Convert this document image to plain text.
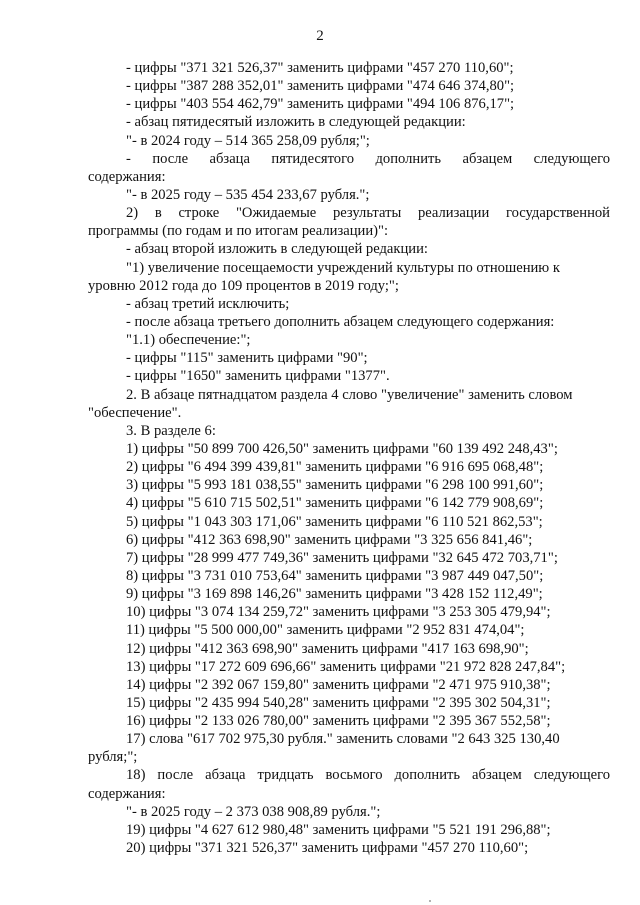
2
- цифры "371 321 526,37" заменить цифрами "457 270 110,60";
- цифры "387 288 352,01" заменить цифрами "474 646 374,80";
- цифры "403 554 462,79" заменить цифрами "494 106 876,17";
- абзац пятидесятый изложить в следующей редакции:
"- в 2024 году – 514 365 258,09 рубля;";
- после абзаца пятидесятого дополнить абзацем следующего
содержания:
"- в 2025 году – 535 454 233,67 рубля.";
2) в строке "Ожидаемые результаты реализации государственной
программы (по годам и по итогам реализации)":
- абзац второй изложить в следующей редакции:
"1) увеличение посещаемости учреждений культуры по отношению к
уровню 2012 года до 109 процентов в 2019 году;";
- абзац третий исключить;
- после абзаца третьего дополнить абзацем следующего содержания:
"1.1) обеспечение:";
- цифры "115" заменить цифрами "90";
- цифры "1650" заменить цифрами "1377".
2. В абзаце пятнадцатом раздела 4 слово "увеличение" заменить словом
"обеспечение".
3. В разделе 6:
1) цифры "50 899 700 426,50" заменить цифрами "60 139 492 248,43";
2) цифры "6 494 399 439,81" заменить цифрами "6 916 695 068,48";
3) цифры "5 993 181 038,55" заменить цифрами "6 298 100 991,60";
4) цифры "5 610 715 502,51" заменить цифрами "6 142 779 908,69";
5) цифры "1 043 303 171,06" заменить цифрами "6 110 521 862,53";
6) цифры "412 363 698,90" заменить цифрами "3 325 656 841,46";
7) цифры "28 999 477 749,36" заменить цифрами "32 645 472 703,71";
8) цифры "3 731 010 753,64" заменить цифрами "3 987 449 047,50";
9) цифры "3 169 898 146,26" заменить цифрами "3 428 152 112,49";
10) цифры "3 074 134 259,72" заменить цифрами "3 253 305 479,94";
11) цифры "5 500 000,00" заменить цифрами "2 952 831 474,04";
12) цифры "412 363 698,90" заменить цифрами "417 163 698,90";
13) цифры "17 272 609 696,66" заменить цифрами "21 972 828 247,84";
14) цифры "2 392 067 159,80" заменить цифрами "2 471 975 910,38";
15) цифры "2 435 994 540,28" заменить цифрами "2 395 302 504,31";
16) цифры "2 133 026 780,00" заменить цифрами "2 395 367 552,58";
17) слова "617 702 975,30 рубля." заменить словами "2 643 325 130,40
рубля;";
18) после абзаца тридцать восьмого дополнить абзацем следующего
содержания:
"- в 2025 году – 2 373 038 908,89 рубля.";
19) цифры "4 627 612 980,48" заменить цифрами "5 521 191 296,88";
20) цифры "371 321 526,37" заменить цифрами "457 270 110,60";
